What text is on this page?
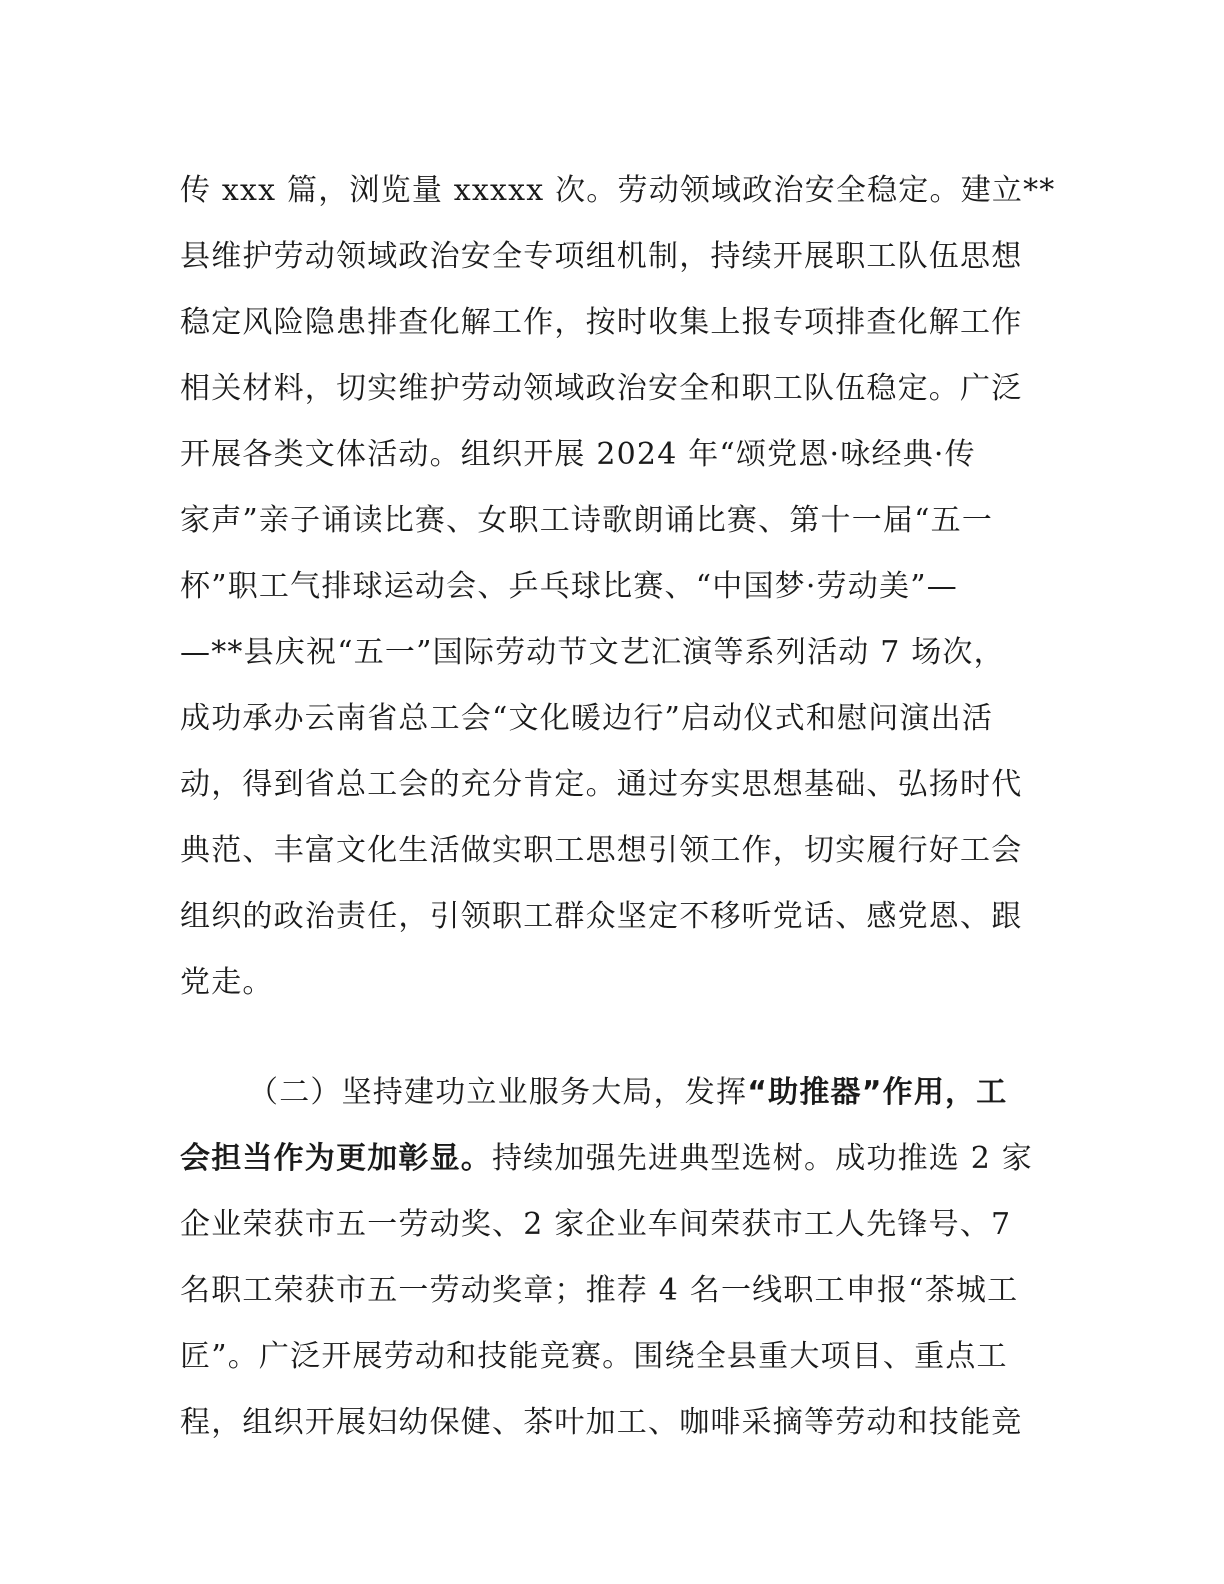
传 xxx 篇，浏览量 xxxxx 次。劳动领域政治安全稳定。建立**
县维护劳动领域政治安全专项组机制，持续开展职工队伍思想
稳定风险隐患排查化解工作，按时收集上报专项排查化解工作
相关材料，切实维护劳动领域政治安全和职工队伍稳定。广泛
开展各类文体活动。组织开展 2024 年“颂党恩·咏经典·传
家声”亲子诵读比赛、女职工诗歌朗诵比赛、第十一届“五一
杯”职工气排球运动会、乒乓球比赛、“中国梦·劳动美”—
—**县庆祝“五一”国际劳动节文艺汇演等系列活动 7 场次，
成功承办云南省总工会“文化暖边行”启动仪式和慰问演出活
动，得到省总工会的充分肯定。通过夯实思想基础、弘扬时代
典范、丰富文化生活做实职工思想引领工作，切实履行好工会
组织的政治责任，引领职工群众坚定不移听党话、感党恩、跟
党走。
（二）坚持建功立业服务大局，发挥“助推器”作用，工
会担当作为更加彰显。持续加强先进典型选树。成功推选 2 家
企业荣获市五一劳动奖、2 家企业车间荣获市工人先锋号、7
名职工荣获市五一劳动奖章；推荐 4 名一线职工申报“茶城工
匠”。广泛开展劳动和技能竞赛。围绕全县重大项目、重点工
程，组织开展妇幼保健、茶叶加工、咖啡采摘等劳动和技能竞
